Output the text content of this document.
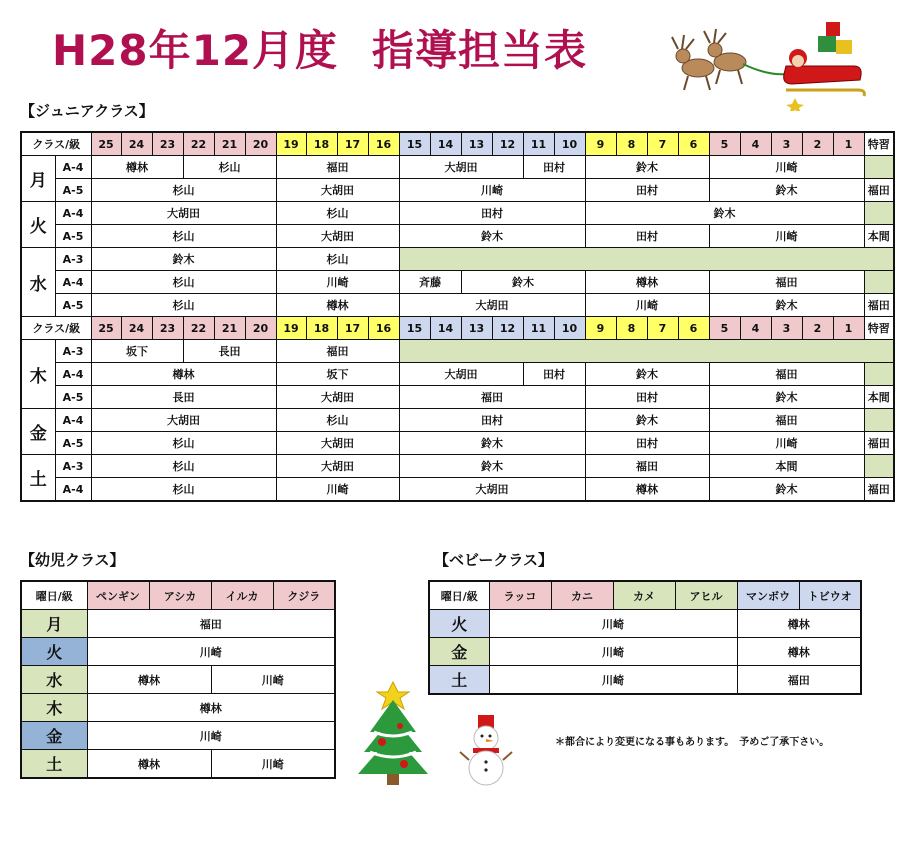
H28年12月度 指導担当表
【ジュニアクラス】
クラス/級		25	24	23	22	21	20	19	18	17	16	15	14	13	12	11	10	9	8	7	6	5	4	3	2	1	特習
月	A-4	樽林			杉山			福田				大胡田				田村		鈴木				川崎					
	A-5	杉山						大胡田				川崎						田村				鈴木					福田
火	A-4	大胡田						杉山				田村						鈴木									
	A-5	杉山						大胡田				鈴木						田村				川崎					本間
水	A-3	鈴木						杉山																			
	A-4	杉山						川崎				斉藤		鈴木				樽林				福田					
	A-5	杉山						樽林				大胡田						川崎				鈴木					福田
クラス/級		25	24	23	22	21	20	19	18	17	16	15	14	13	12	11	10	9	8	7	6	5	4	3	2	1	特習
木	A-3	坂下			長田			福田																			
	A-4	樽林						坂下				大胡田				田村		鈴木				福田					
	A-5	長田						大胡田				福田						田村				鈴木					本間
金	A-4	大胡田						杉山				田村						鈴木				福田					
	A-5	杉山						大胡田				鈴木						田村				川崎					福田
土	A-3	杉山						大胡田				鈴木						福田				本間					
	A-4	杉山						川崎				大胡田						樽林				鈴木					福田
【幼児クラス】
曜日/級	ペンギン	アシカ	イルカ	クジラ
月	福田			
火	川崎			
水	樽林		川崎	
木	樽林			
金	川崎			
土	樽林		川崎	
【ベビークラス】
曜日/級	ラッコ	カニ	カメ	アヒル	マンボウ	トビウオ
火	川崎				樽林	
金	川崎				樽林	
土	川崎				福田	
＊都合により変更になる事もあります。　予めご了承下さい。
